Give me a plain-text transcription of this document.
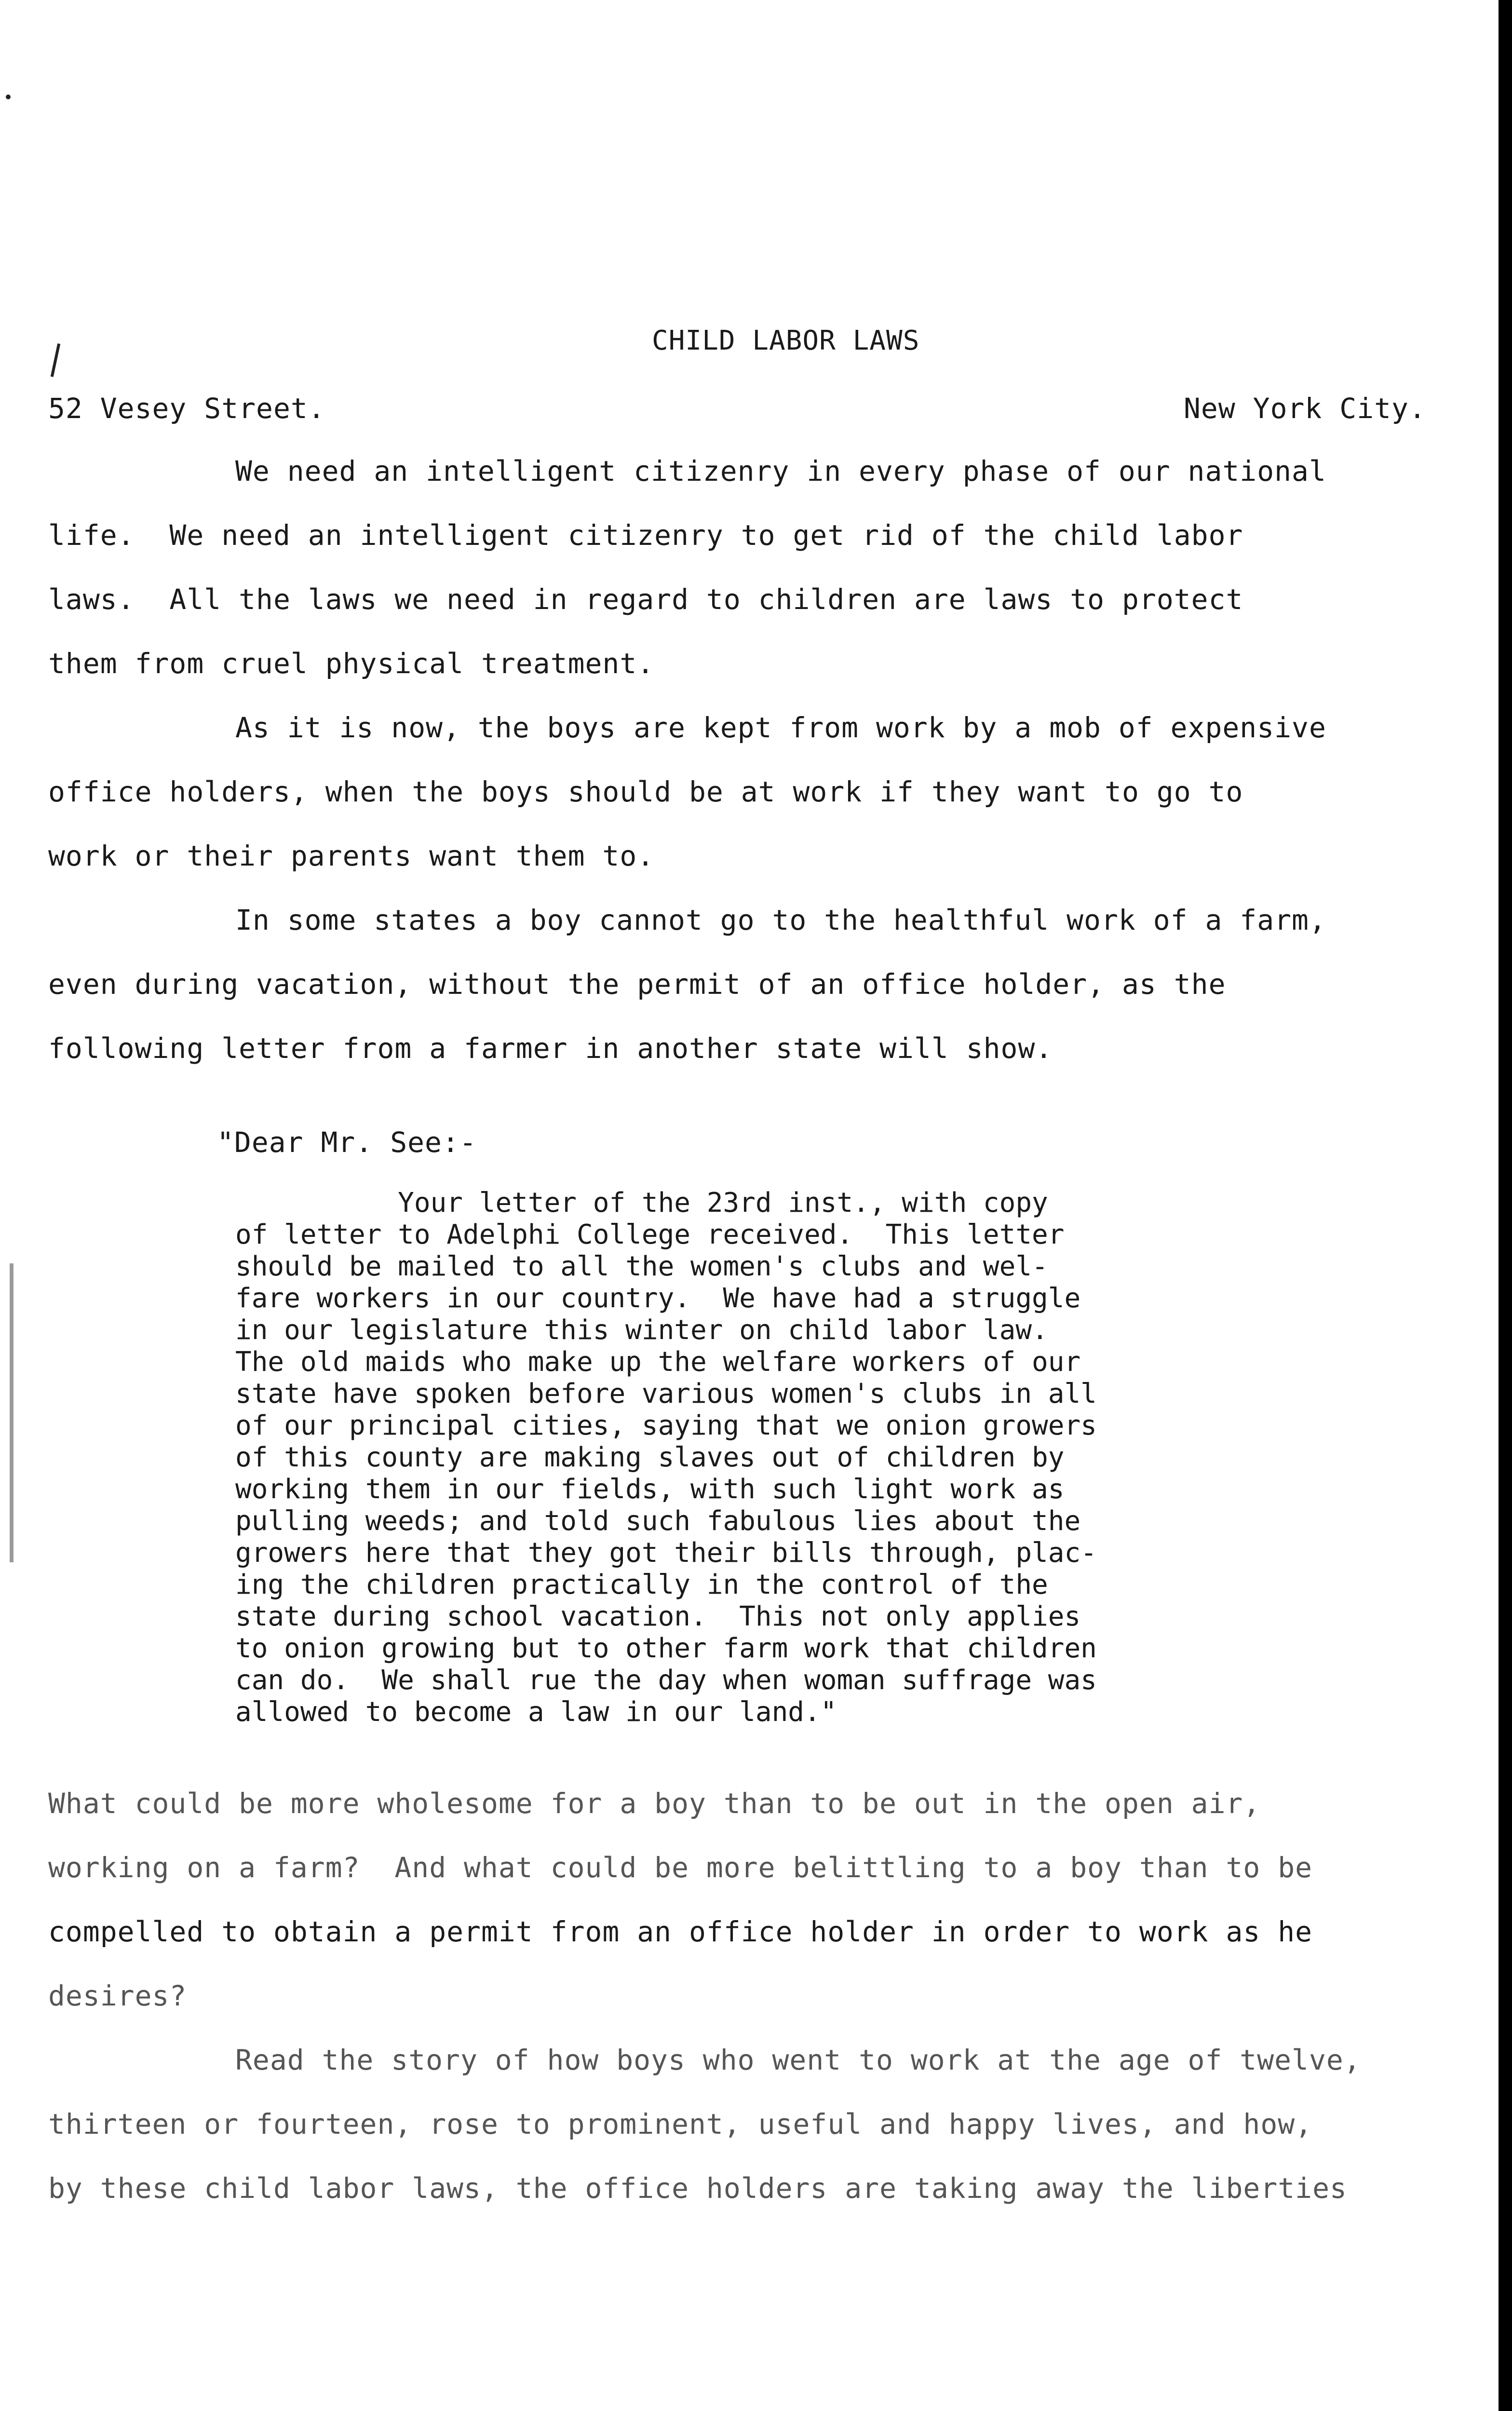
CHILD LABOR LAWS
52 Vesey Street.	New York City.
We need an intelligent citizenry in every phase of our national
life.  We need an intelligent citizenry to get rid of the child labor
laws.  All the laws we need in regard to children are laws to protect
them from cruel physical treatment.
As it is now, the boys are kept from work by a mob of expensive
office holders, when the boys should be at work if they want to go to
work or their parents want them to.
In some states a boy cannot go to the healthful work of a farm,
even during vacation, without the permit of an office holder, as the
following letter from a farmer in another state will show.
"Dear Mr. See:-
Your letter of the 23rd inst., with copy
of letter to Adelphi College received.  This letter
should be mailed to all the women's clubs and wel-
fare workers in our country.  We have had a struggle
in our legislature this winter on child labor law.
The old maids who make up the welfare workers of our
state have spoken before various women's clubs in all
of our principal cities, saying that we onion growers
of this county are making slaves out of children by
working them in our fields, with such light work as
pulling weeds; and told such fabulous lies about the
growers here that they got their bills through, plac-
ing the children practically in the control of the
state during school vacation.  This not only applies
to onion growing but to other farm work that children
can do.  We shall rue the day when woman suffrage was
allowed to become a law in our land."
What could be more wholesome for a boy than to be out in the open air,
working on a farm?  And what could be more belittling to a boy than to be
compelled to obtain a permit from an office holder in order to work as he
desires?
Read the story of how boys who went to work at the age of twelve,
thirteen or fourteen, rose to prominent, useful and happy lives, and how,
by these child labor laws, the office holders are taking away the liberties
